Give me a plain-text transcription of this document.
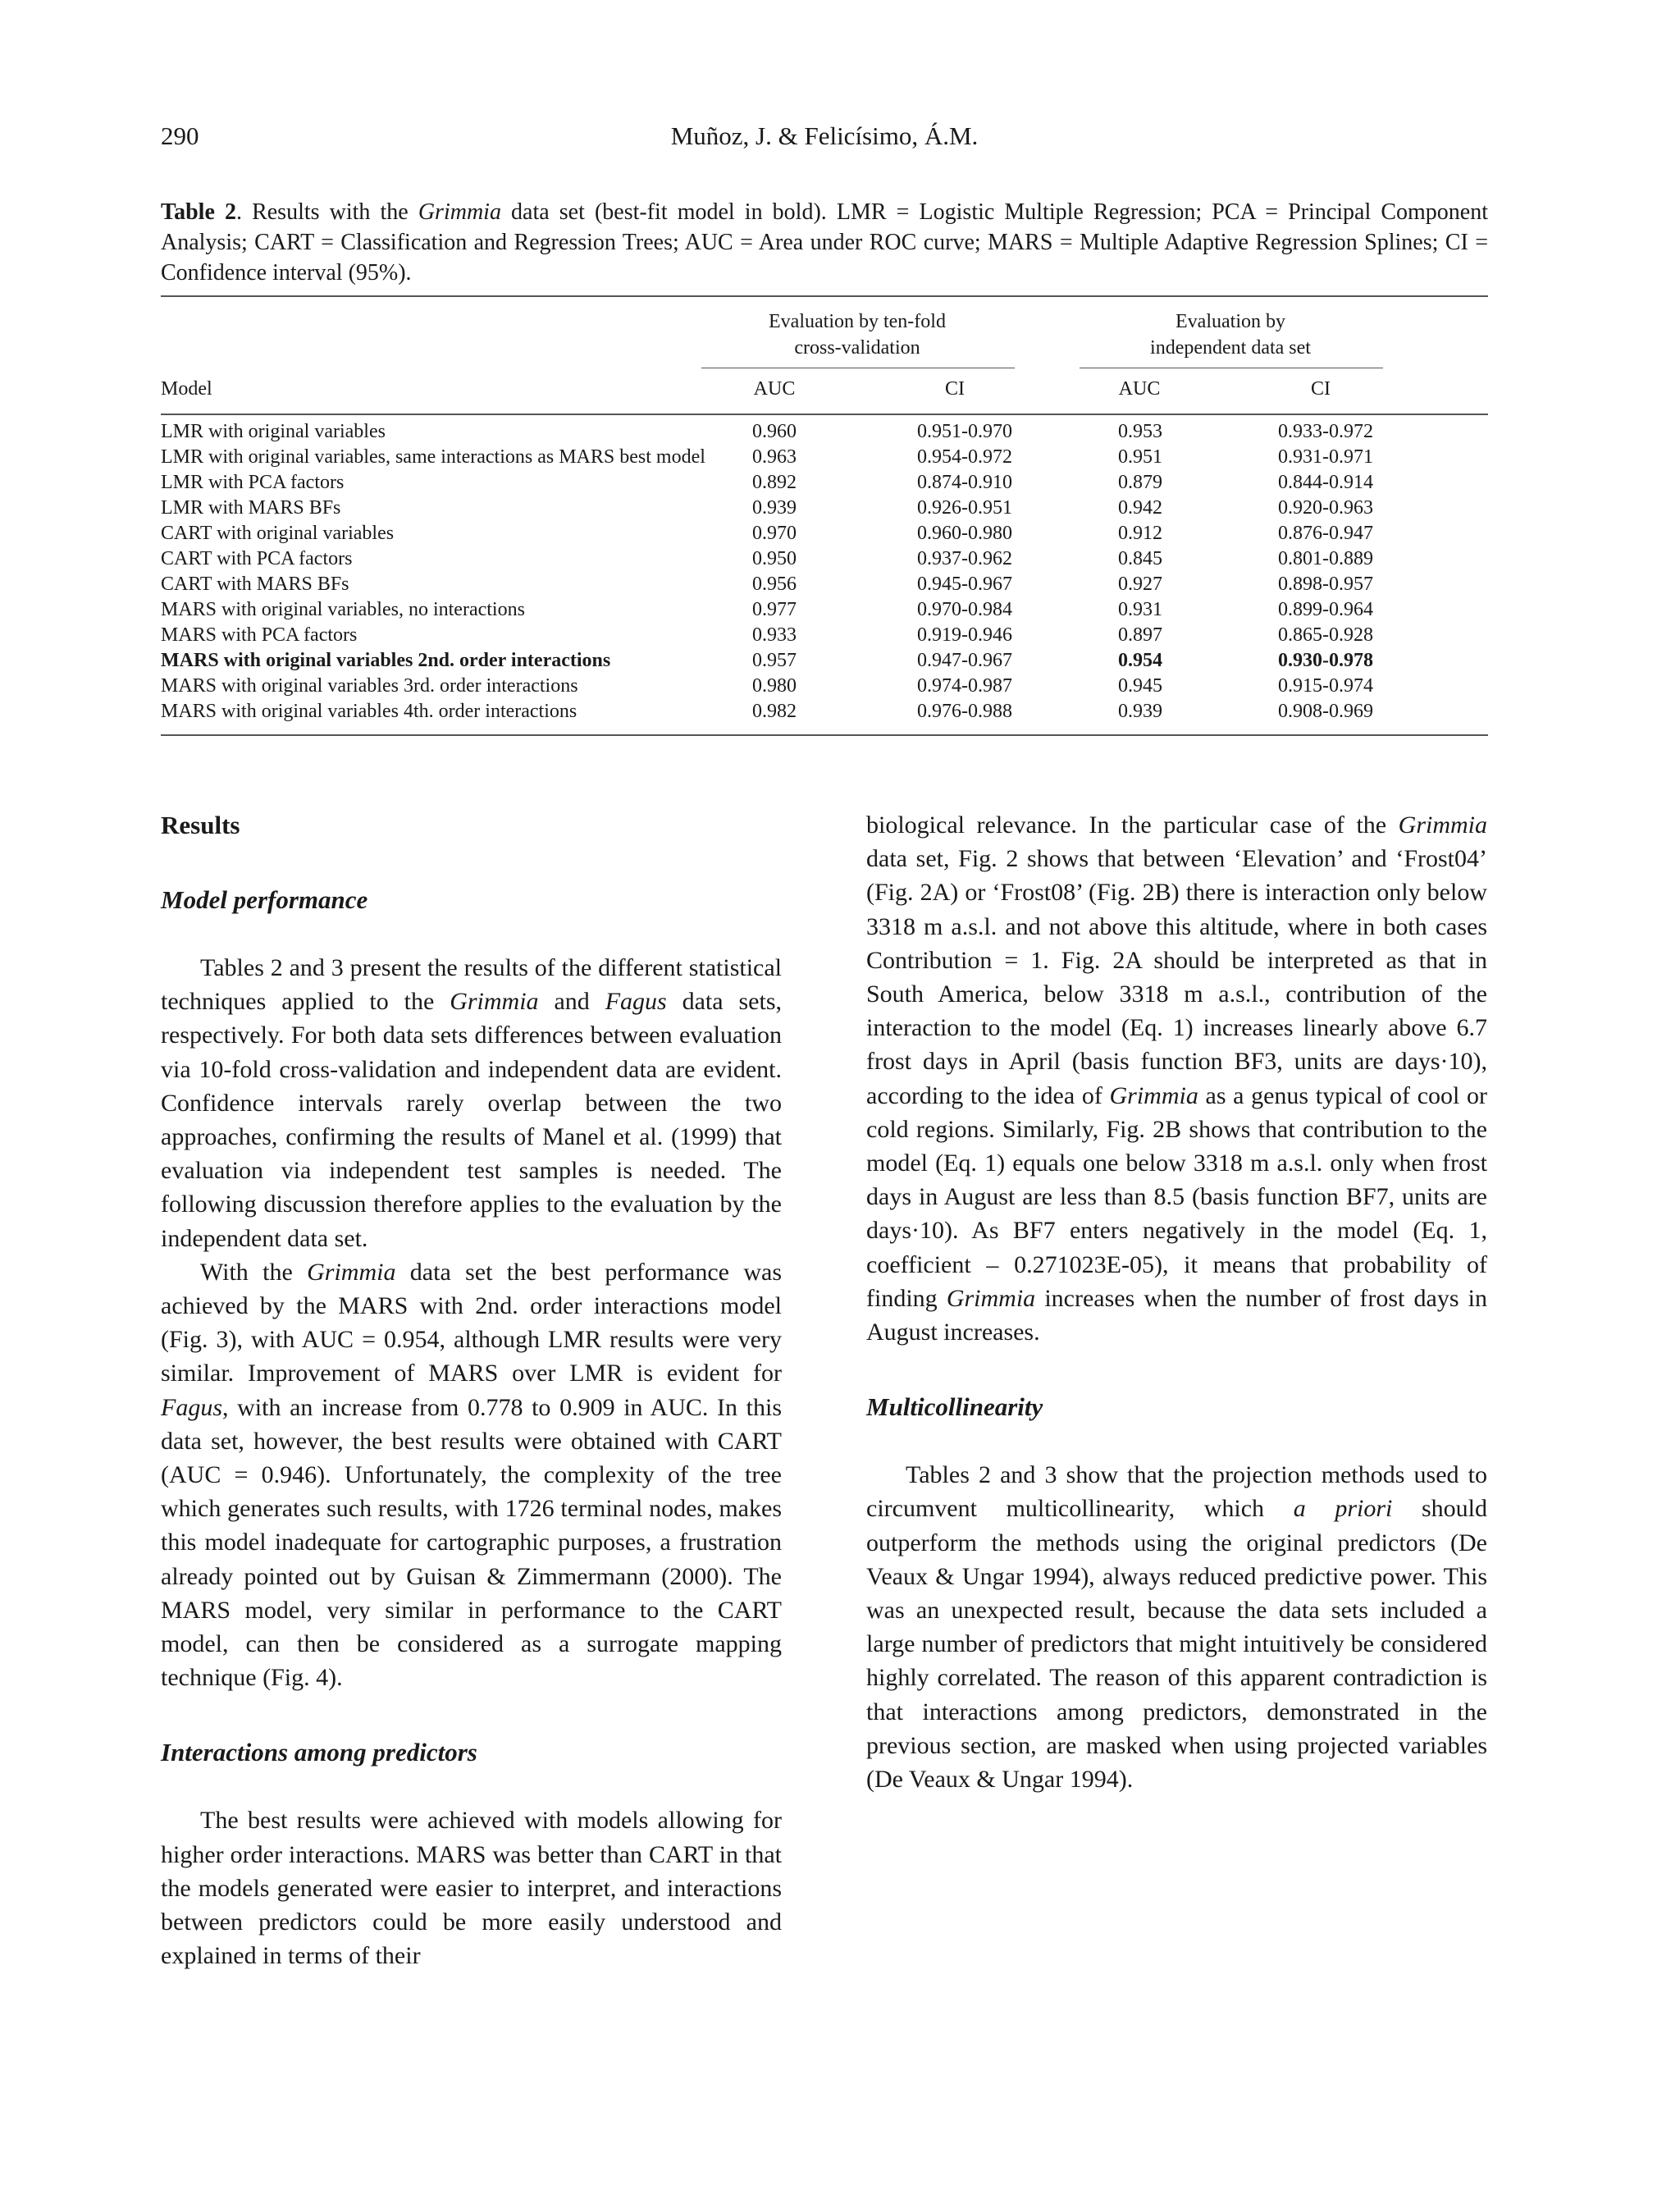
290	Muñoz, J. & Felicísimo, Á.M.
Table 2. Results with the Grimmia data set (best-fit model in bold). LMR = Logistic Multiple Regression; PCA = Principal Component Analysis; CART = Classification and Regression Trees; AUC = Area under ROC curve; MARS = Multiple Adaptive Regression Splines; CI = Confidence interval (95%).
Evaluation by ten-fold
cross-validation
Evaluation by
independent data set
Model	AUC	CI	AUC	CI
LMR with original variables	0.960	0.951-0.970	0.953	0.933-0.972
LMR with original variables, same interactions as MARS best model	0.963	0.954-0.972	0.951	0.931-0.971
LMR with PCA factors	0.892	0.874-0.910	0.879	0.844-0.914
LMR with MARS BFs	0.939	0.926-0.951	0.942	0.920-0.963
CART with original variables	0.970	0.960-0.980	0.912	0.876-0.947
CART with PCA factors	0.950	0.937-0.962	0.845	0.801-0.889
CART with MARS BFs	0.956	0.945-0.967	0.927	0.898-0.957
MARS with original variables, no interactions	0.977	0.970-0.984	0.931	0.899-0.964
MARS with PCA factors	0.933	0.919-0.946	0.897	0.865-0.928
MARS with original variables 2nd. order interactions	0.957	0.947-0.967	0.954	0.930-0.978
MARS with original variables 3rd. order interactions	0.980	0.974-0.987	0.945	0.915-0.974
MARS with original variables 4th. order interactions	0.982	0.976-0.988	0.939	0.908-0.969
Results
Model performance

Tables 2 and 3 present the results of the different statistical techniques applied to the Grimmia and Fagus data sets, respectively. For both data sets differences between evaluation via 10-fold cross-validation and independent data are evident. Confidence intervals rarely overlap between the two approaches, confirming the results of Manel et al. (1999) that evaluation via independent test samples is needed. The following discussion therefore applies to the evaluation by the independent data set.

With the Grimmia data set the best performance was achieved by the MARS with 2nd. order interactions model (Fig. 3), with AUC = 0.954, although LMR results were very similar. Improvement of MARS over LMR is evident for Fagus, with an increase from 0.778 to 0.909 in AUC. In this data set, however, the best results were obtained with CART (AUC = 0.946). Unfortunately, the complexity of the tree which generates such results, with 1726 terminal nodes, makes this model inadequate for cartographic purposes, a frustration already pointed out by Guisan & Zimmermann (2000). The MARS model, very similar in performance to the CART model, can then be considered as a surrogate mapping technique (Fig. 4).

Interactions among predictors

The best results were achieved with models allowing for higher order interactions. MARS was better than CART in that the models generated were easier to interpret, and interactions between predictors could be more easily understood and explained in terms of their

biological relevance. In the particular case of the Grimmia data set, Fig. 2 shows that between ‘Elevation’ and ‘Frost04’ (Fig. 2A) or ‘Frost08’ (Fig. 2B) there is interaction only below 3318 m a.s.l. and not above this altitude, where in both cases Contribution = 1. Fig. 2A should be interpreted as that in South America, below 3318 m a.s.l., contribution of the interaction to the model (Eq. 1) increases linearly above 6.7 frost days in April (basis function BF3, units are days·10), according to the idea of Grimmia as a genus typical of cool or cold regions. Similarly, Fig. 2B shows that contribution to the model (Eq. 1) equals one below 3318 m a.s.l. only when frost days in August are less than 8.5 (basis function BF7, units are days·10). As BF7 enters negatively in the model (Eq. 1, coefficient – 0.271023E-05), it means that probability of finding Grimmia increases when the number of frost days in August increases.

Multicollinearity

Tables 2 and 3 show that the projection methods used to circumvent multicollinearity, which a priori should outperform the methods using the original predictors (De Veaux & Ungar 1994), always reduced predictive power. This was an unexpected result, because the data sets included a large number of predictors that might intuitively be considered highly correlated. The reason of this apparent contradiction is that interactions among predictors, demonstrated in the previous section, are masked when using projected variables (De Veaux & Ungar 1994).
